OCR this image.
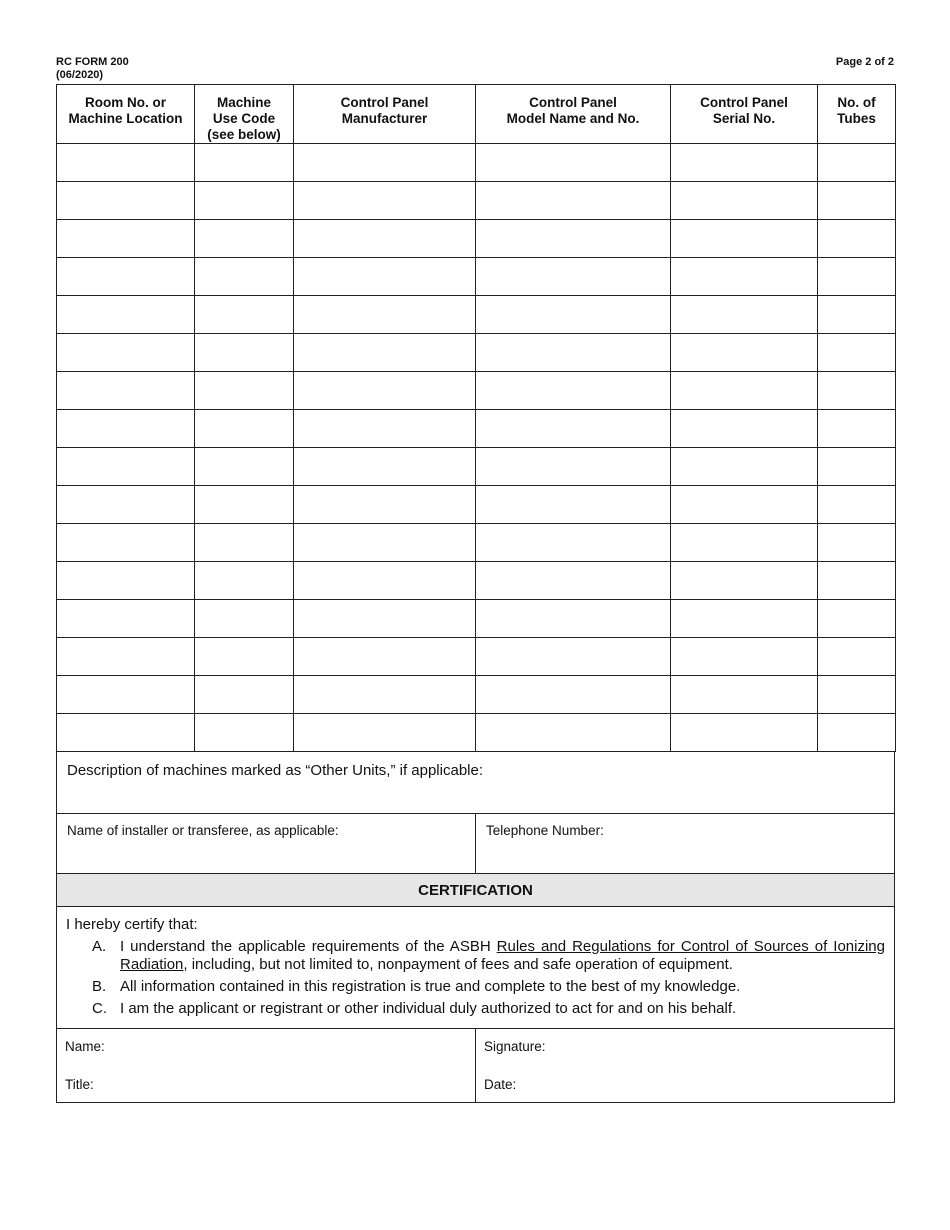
RC FORM 200
(06/2020)
Page 2 of 2
Room No. or
Machine Location	Machine
Use Code
(see below)	Control Panel
Manufacturer	Control Panel
Model Name and No.	Control Panel
Serial No.	No. of
Tubes

Description of machines marked as “Other Units,” if applicable:
Name of installer or transferee, as applicable:	Telephone Number:
CERTIFICATION
I hereby certify that:
A. I understand the applicable requirements of the ASBH Rules and Regulations for Control of Sources of Ionizing Radiation, including, but not limited to, nonpayment of fees and safe operation of equipment.
B. All information contained in this registration is true and complete to the best of my knowledge.
C. I am the applicant or registrant or other individual duly authorized to act for and on his behalf.
Name:
Title:
Signature:
Date:
